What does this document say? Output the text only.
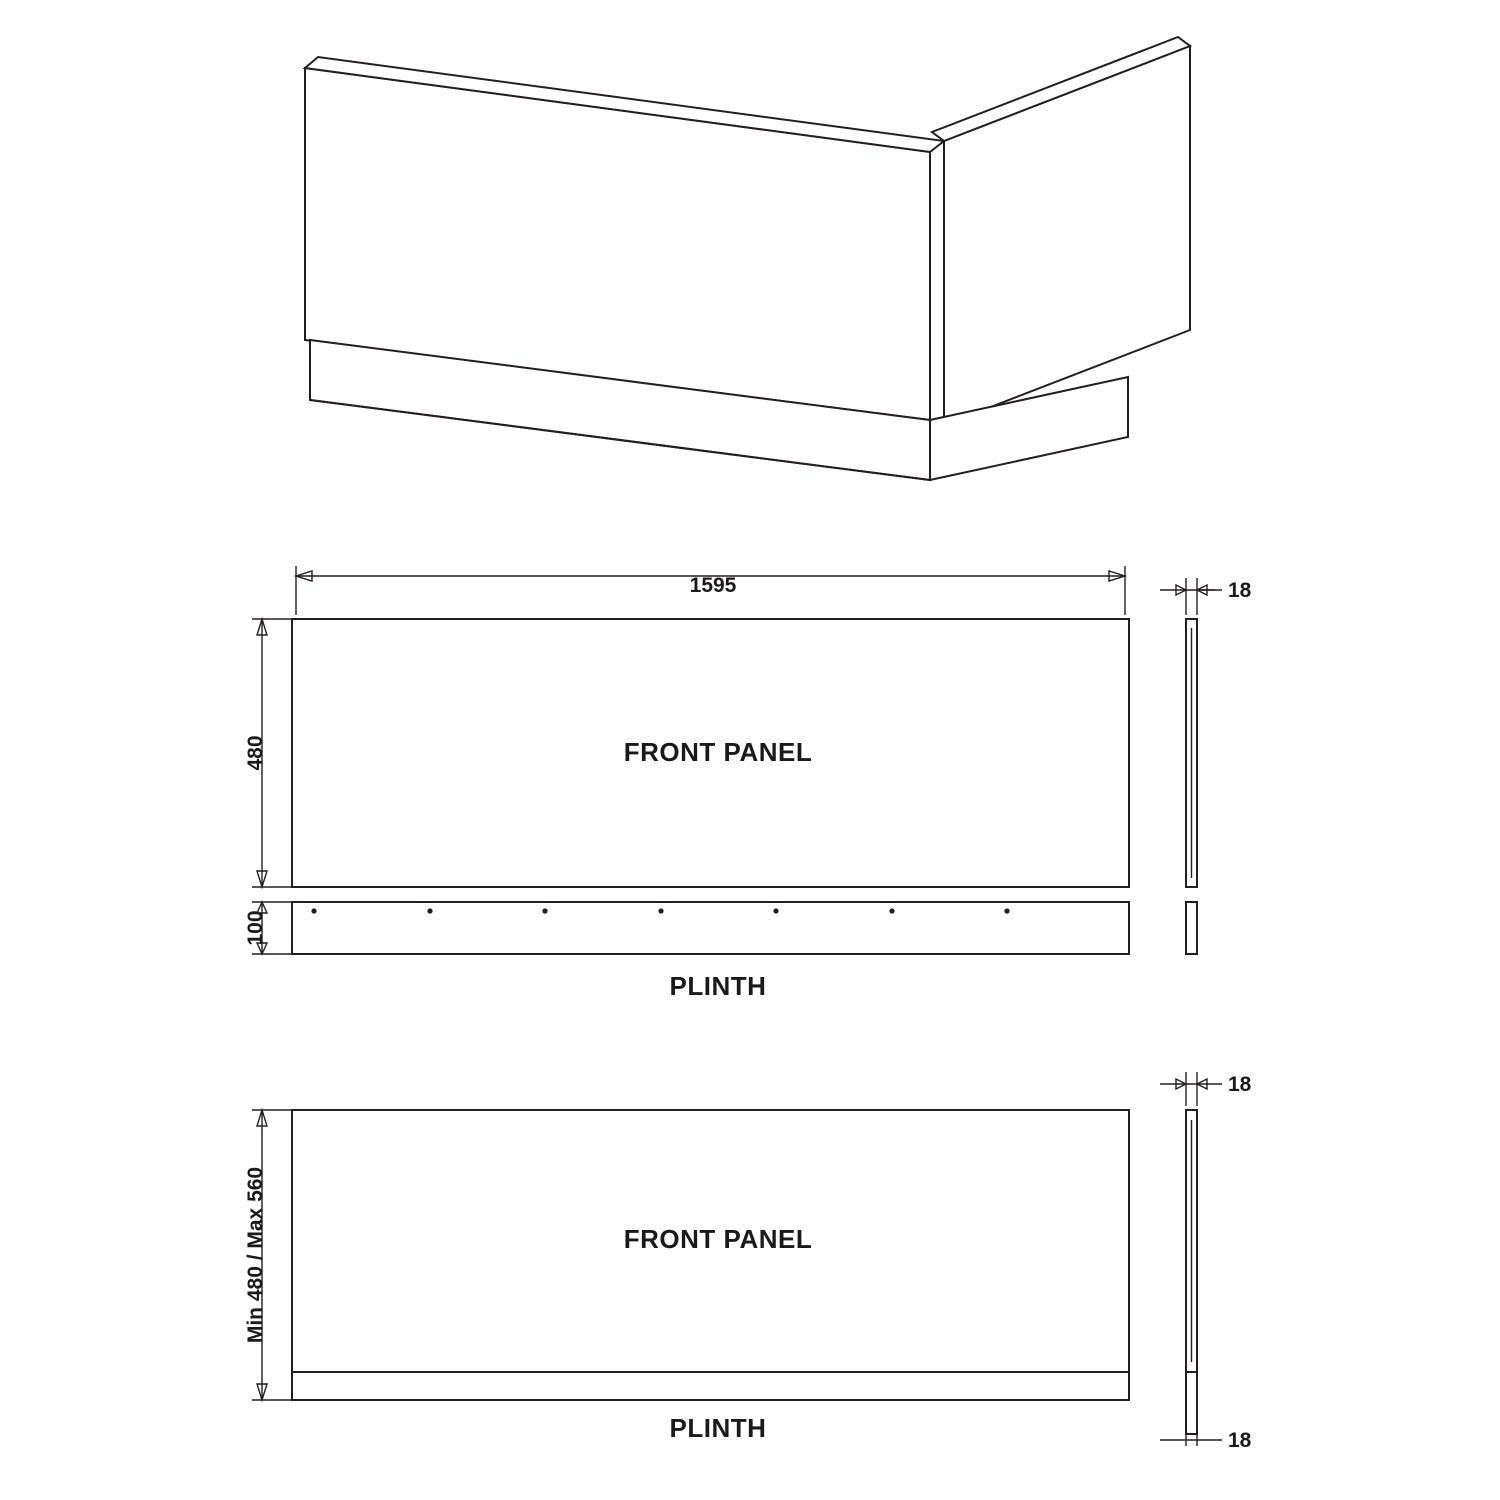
FRONT PANEL
PLINTH
1595
480
100
18
FRONT PANEL
PLINTH
Min 480 / Max 560
18
18
